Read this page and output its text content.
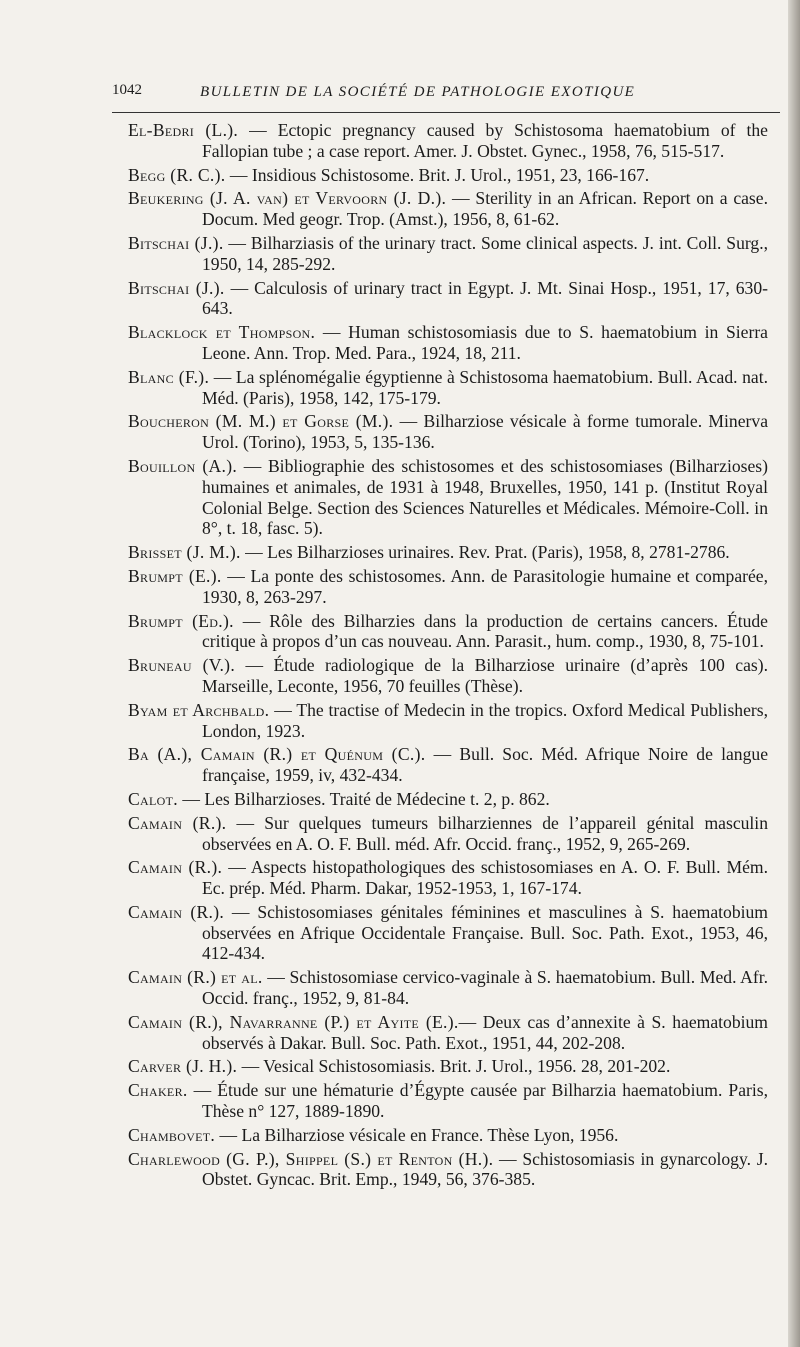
1042	BULLETIN DE LA SOCIÉTÉ DE PATHOLOGIE EXOTIQUE

El-Bedri (L.). — Ectopic pregnancy caused by Schistosoma haematobium of the Fallopian tube ; a case report. Amer. J. Obstet. Gynec., 1958, 76, 515-517.

Begg (R. C.). — Insidious Schistosome. Brit. J. Urol., 1951, 23, 166-167.

Beukering (J. A. van) et Vervoorn (J. D.). — Sterility in an African. Report on a case. Docum. Med geogr. Trop. (Amst.), 1956, 8, 61-62.

Bitschai (J.). — Bilharziasis of the urinary tract. Some clinical aspects. J. int. Coll. Surg., 1950, 14, 285-292.

Bitschai (J.). — Calculosis of urinary tract in Egypt. J. Mt. Sinai Hosp., 1951, 17, 630-643.

Blacklock et Thompson. — Human schistosomiasis due to S. haematobium in Sierra Leone. Ann. Trop. Med. Para., 1924, 18, 211.

Blanc (F.). — La splénomégalie égyptienne à Schistosoma haematobium. Bull. Acad. nat. Méd. (Paris), 1958, 142, 175-179.

Boucheron (M. M.) et Gorse (M.). — Bilharziose vésicale à forme tumorale. Minerva Urol. (Torino), 1953, 5, 135-136.

Bouillon (A.). — Bibliographie des schistosomes et des schistosomiases (Bilharzioses) humaines et animales, de 1931 à 1948, Bruxelles, 1950, 141 p. (Institut Royal Colonial Belge. Section des Sciences Naturelles et Médicales. Mémoire-Coll. in 8°, t. 18, fasc. 5).

Brisset (J. M.). — Les Bilharzioses urinaires. Rev. Prat. (Paris), 1958, 8, 2781-2786.

Brumpt (E.). — La ponte des schistosomes. Ann. de Parasitologie humaine et comparée, 1930, 8, 263-297.

Brumpt (Ed.). — Rôle des Bilharzies dans la production de certains cancers. Étude critique à propos d’un cas nouveau. Ann. Parasit., hum. comp., 1930, 8, 75-101.

Bruneau (V.). — Étude radiologique de la Bilharziose urinaire (d’après 100 cas). Marseille, Leconte, 1956, 70 feuilles (Thèse).

Byam et Archbald. — The tractise of Medecin in the tropics. Oxford Medical Publishers, London, 1923.

Ba (A.), Camain (R.) et Quénum (C.). — Bull. Soc. Méd. Afrique Noire de langue française, 1959, iv, 432-434.

Calot. — Les Bilharzioses. Traité de Médecine t. 2, p. 862.

Camain (R.). — Sur quelques tumeurs bilharziennes de l’appareil génital masculin observées en A. O. F. Bull. méd. Afr. Occid. franç., 1952, 9, 265-269.

Camain (R.). — Aspects histopathologiques des schistosomiases en A. O. F. Bull. Mém. Ec. prép. Méd. Pharm. Dakar, 1952-1953, 1, 167-174.

Camain (R.). — Schistosomiases génitales féminines et masculines à S. haematobium observées en Afrique Occidentale Française. Bull. Soc. Path. Exot., 1953, 46, 412-434.

Camain (R.) et al. — Schistosomiase cervico-vaginale à S. haematobium. Bull. Med. Afr. Occid. franç., 1952, 9, 81-84.

Camain (R.), Navarranne (P.) et Ayite (E.).— Deux cas d’annexite à S. haematobium observés à Dakar. Bull. Soc. Path. Exot., 1951, 44, 202-208.

Carver (J. H.). — Vesical Schistosomiasis. Brit. J. Urol., 1956. 28, 201-202.

Chaker. — Étude sur une hématurie d’Égypte causée par Bilharzia haematobium. Paris, Thèse n° 127, 1889-1890.

Chambovet. — La Bilharziose vésicale en France. Thèse Lyon, 1956.

Charlewood (G. P.), Shippel (S.) et Renton (H.). — Schistosomiasis in gynarcology. J. Obstet. Gyncac. Brit. Emp., 1949, 56, 376-385.
